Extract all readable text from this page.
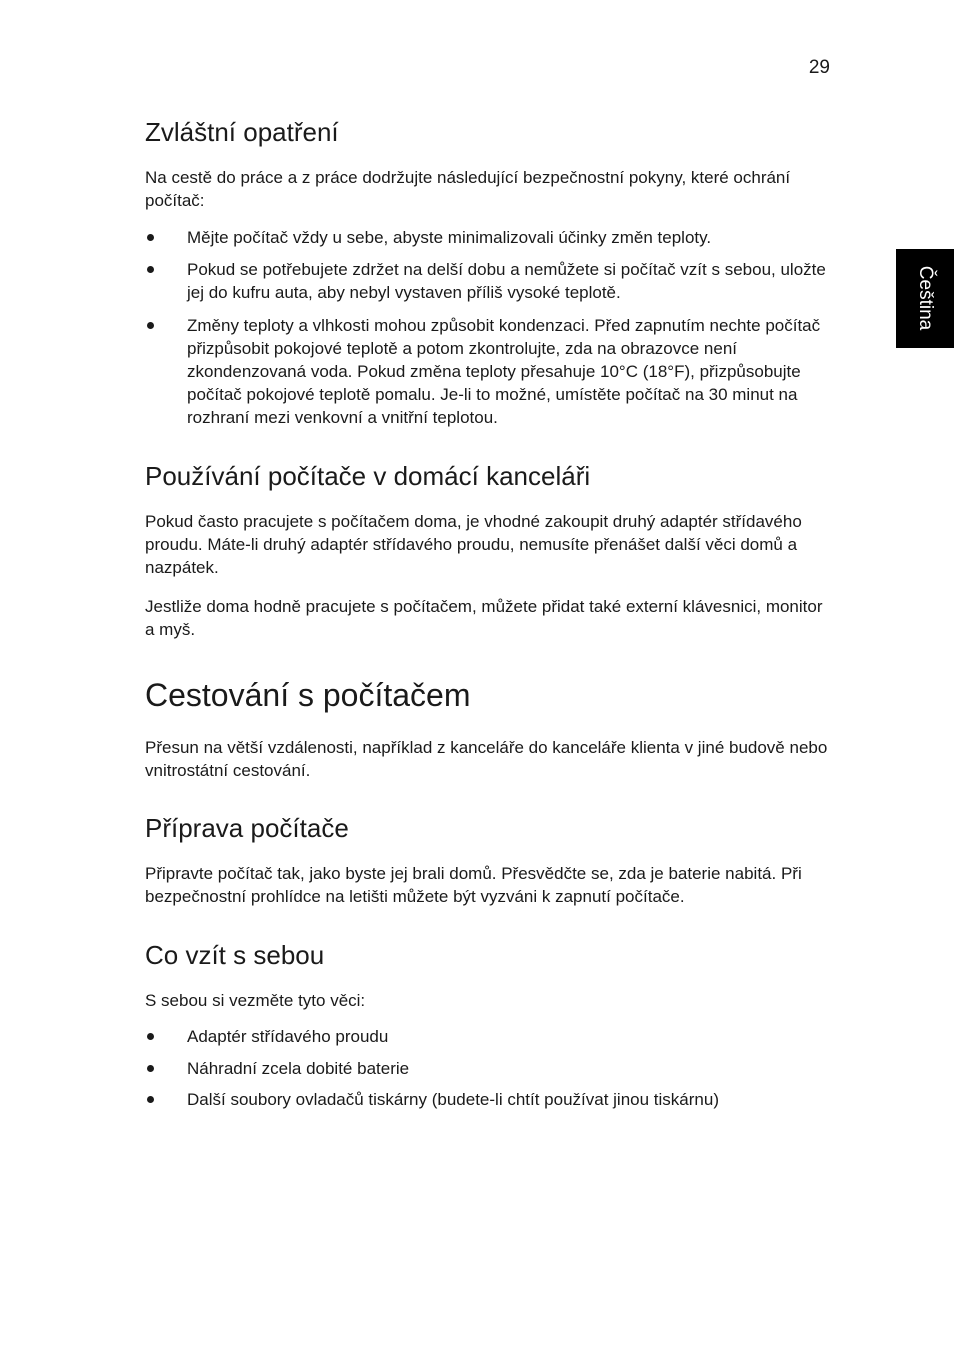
29
Čeština
Zvláštní opatření

Na cestě do práce a z práce dodržujte následující bezpečnostní pokyny, které ochrání počítač:

Mějte počítač vždy u sebe, abyste minimalizovali účinky změn teploty.
Pokud se potřebujete zdržet na delší dobu a nemůžete si počítač vzít s sebou, uložte jej do kufru auta, aby nebyl vystaven příliš vysoké teplotě.
Změny teploty a vlhkosti mohou způsobit kondenzaci. Před zapnutím nechte počítač přizpůsobit pokojové teplotě a potom zkontrolujte, zda na obrazovce není zkondenzovaná voda. Pokud změna teploty přesahuje 10°C (18°F), přizpůsobujte počítač pokojové teplotě pomalu. Je-li to možné, umístěte počítač na 30 minut na rozhraní mezi venkovní a vnitřní teplotou.
Používání počítače v domácí kanceláři

Pokud často pracujete s počítačem doma, je vhodné zakoupit druhý adaptér střídavého proudu. Máte-li druhý adaptér střídavého proudu, nemusíte přenášet další věci domů a nazpátek.

Jestliže doma hodně pracujete s počítačem, můžete přidat také externí klávesnici, monitor a myš.

Cestování s počítačem

Přesun na větší vzdálenosti, například z kanceláře do kanceláře klienta v jiné budově nebo vnitrostátní cestování.

Příprava počítače

Připravte počítač tak, jako byste jej brali domů. Přesvědčte se, zda je baterie nabitá. Při bezpečnostní prohlídce na letišti můžete být vyzváni k zapnutí počítače.

Co vzít s sebou

S sebou si vezměte tyto věci:

Adaptér střídavého proudu
Náhradní zcela dobité baterie
Další soubory ovladačů tiskárny (budete-li chtít používat jinou tiskárnu)
